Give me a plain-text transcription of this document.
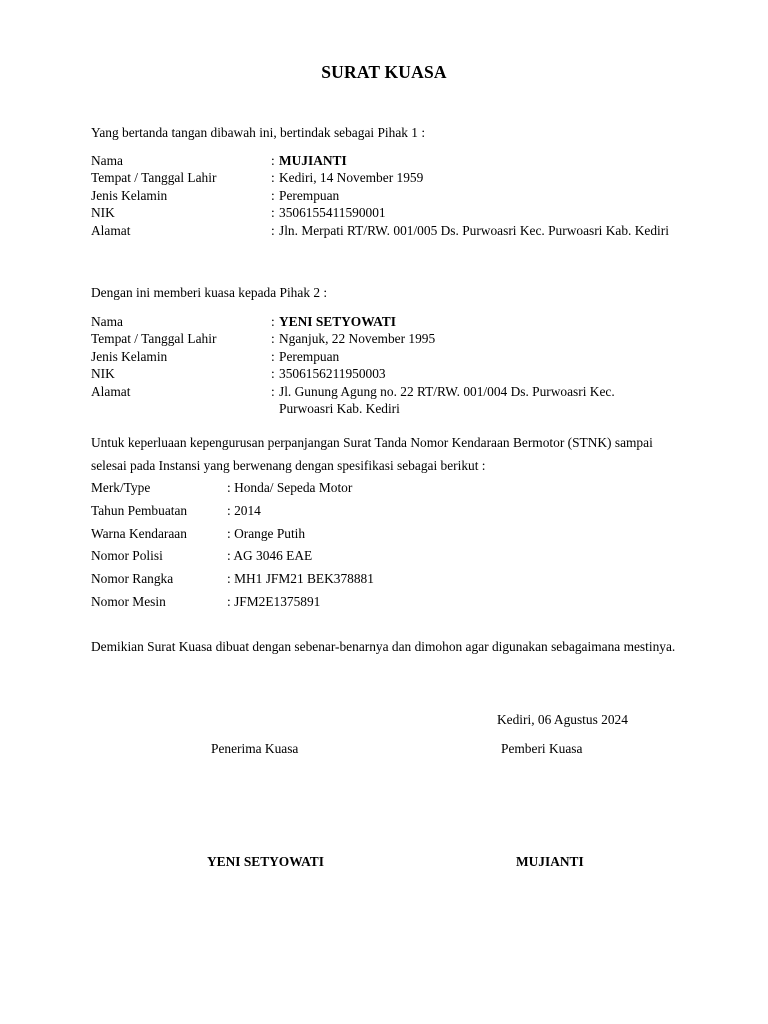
SURAT KUASA
Yang bertanda tangan dibawah ini, bertindak sebagai Pihak 1 :
Nama	: MUJIANTI
Tempat / Tanggal Lahir	: Kediri, 14 November 1959
Jenis Kelamin	: Perempuan
NIK	: 3506155411590001
Alamat	: Jln. Merpati RT/RW. 001/005 Ds. Purwoasri Kec. Purwoasri Kab. Kediri
Dengan ini memberi kuasa kepada Pihak 2 :
Nama	: YENI SETYOWATI
Tempat / Tanggal Lahir	: Nganjuk, 22 November 1995
Jenis Kelamin	: Perempuan
NIK	: 3506156211950003
Alamat	: Jl. Gunung Agung no. 22 RT/RW. 001/004 Ds. Purwoasri Kec. Purwoasri Kab. Kediri
Untuk keperluaan kepengurusan perpanjangan Surat Tanda Nomor Kendaraan Bermotor (STNK) sampai selesai pada Instansi yang berwenang dengan spesifikasi sebagai berikut :
Merk/Type	: Honda/ Sepeda Motor
Tahun Pembuatan	: 2014
Warna Kendaraan	: Orange Putih
Nomor Polisi	: AG 3046 EAE
Nomor Rangka	: MH1 JFM21 BEK378881
Nomor Mesin	: JFM2E1375891
Demikian Surat Kuasa dibuat dengan sebenar-benarnya dan dimohon agar digunakan sebagaimana mestinya.
Kediri, 06 Agustus 2024
Penerima Kuasa	Pemberi Kuasa
YENI SETYOWATI	MUJIANTI
